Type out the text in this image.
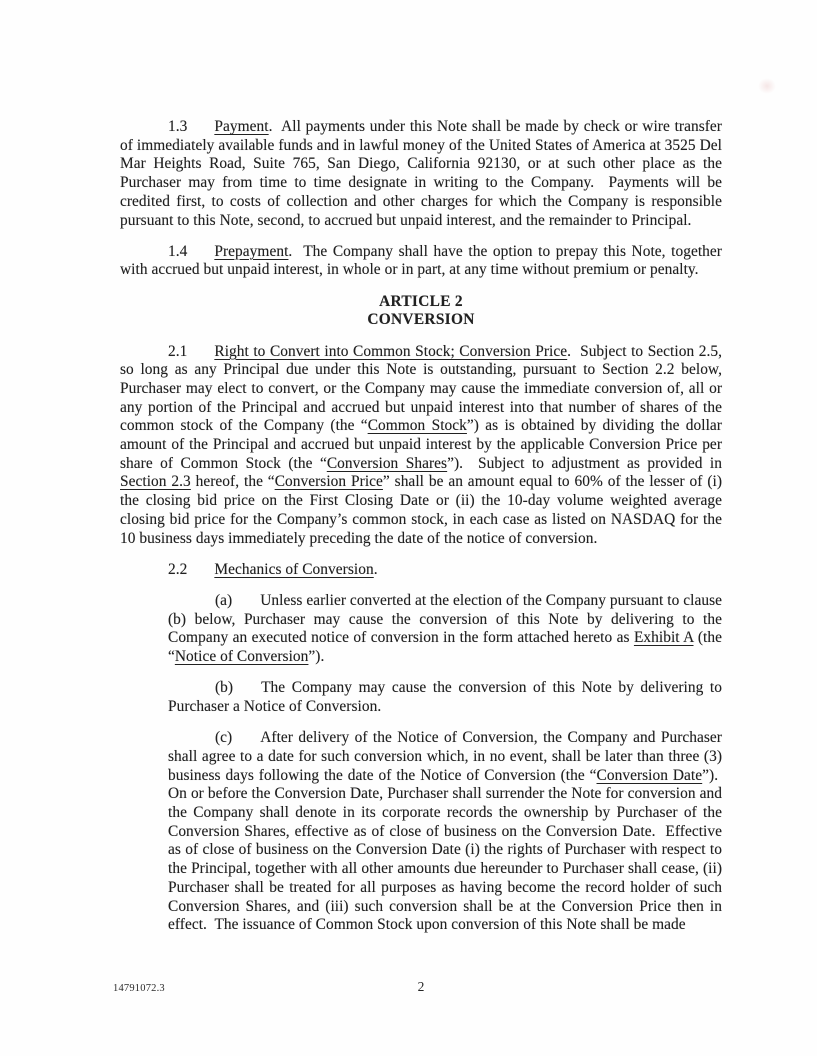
1.3 Payment.  All payments under this Note shall be made by check or wire transfer of immediately available funds and in lawful money of the United States of America at 3525 Del Mar Heights Road, Suite 765, San Diego, California 92130, or at such other place as the Purchaser may from time to time designate in writing to the Company.  Payments will be credited first, to costs of collection and other charges for which the Company is responsible pursuant to this Note, second, to accrued but unpaid interest, and the remainder to Principal.

1.4 Prepayment.  The Company shall have the option to prepay this Note, together with accrued but unpaid interest, in whole or in part, at any time without premium or penalty.

ARTICLE 2

CONVERSION

2.1 Right to Convert into Common Stock; Conversion Price.  Subject to Section 2.5, so long as any Principal due under this Note is outstanding, pursuant to Section 2.2 below, Purchaser may elect to convert, or the Company may cause the immediate conversion of, all or any portion of the Principal and accrued but unpaid interest into that number of shares of the common stock of the Company (the “Common Stock”) as is obtained by dividing the dollar amount of the Principal and accrued but unpaid interest by the applicable Conversion Price per share of Common Stock (the “Conversion Shares”).  Subject to adjustment as provided in Section 2.3 hereof, the “Conversion Price” shall be an amount equal to 60% of the lesser of (i) the closing bid price on the First Closing Date or (ii) the 10-day volume weighted average closing bid price for the Company’s common stock, in each case as listed on NASDAQ for the 10 business days immediately preceding the date of the notice of conversion.

2.2 Mechanics of Conversion.

(a) Unless earlier converted at the election of the Company pursuant to clause (b) below, Purchaser may cause the conversion of this Note by delivering to the Company an executed notice of conversion in the form attached hereto as Exhibit A (the “Notice of Conversion”).

(b) The Company may cause the conversion of this Note by delivering to Purchaser a Notice of Conversion.

(c) After delivery of the Notice of Conversion, the Company and Purchaser shall agree to a date for such conversion which, in no event, shall be later than three (3) business days following the date of the Notice of Conversion (the “Conversion Date”).  On or before the Conversion Date, Purchaser shall surrender the Note for conversion and the Company shall denote in its corporate records the ownership by Purchaser of the Conversion Shares, effective as of close of business on the Conversion Date.  Effective as of close of business on the Conversion Date (i) the rights of Purchaser with respect to the Principal, together with all other amounts due hereunder to Purchaser shall cease, (ii) Purchaser shall be treated for all purposes as having become the record holder of such Conversion Shares, and (iii) such conversion shall be at the Conversion Price then in effect.  The issuance of Common Stock upon conversion of this Note shall be made

14791072.3	2
